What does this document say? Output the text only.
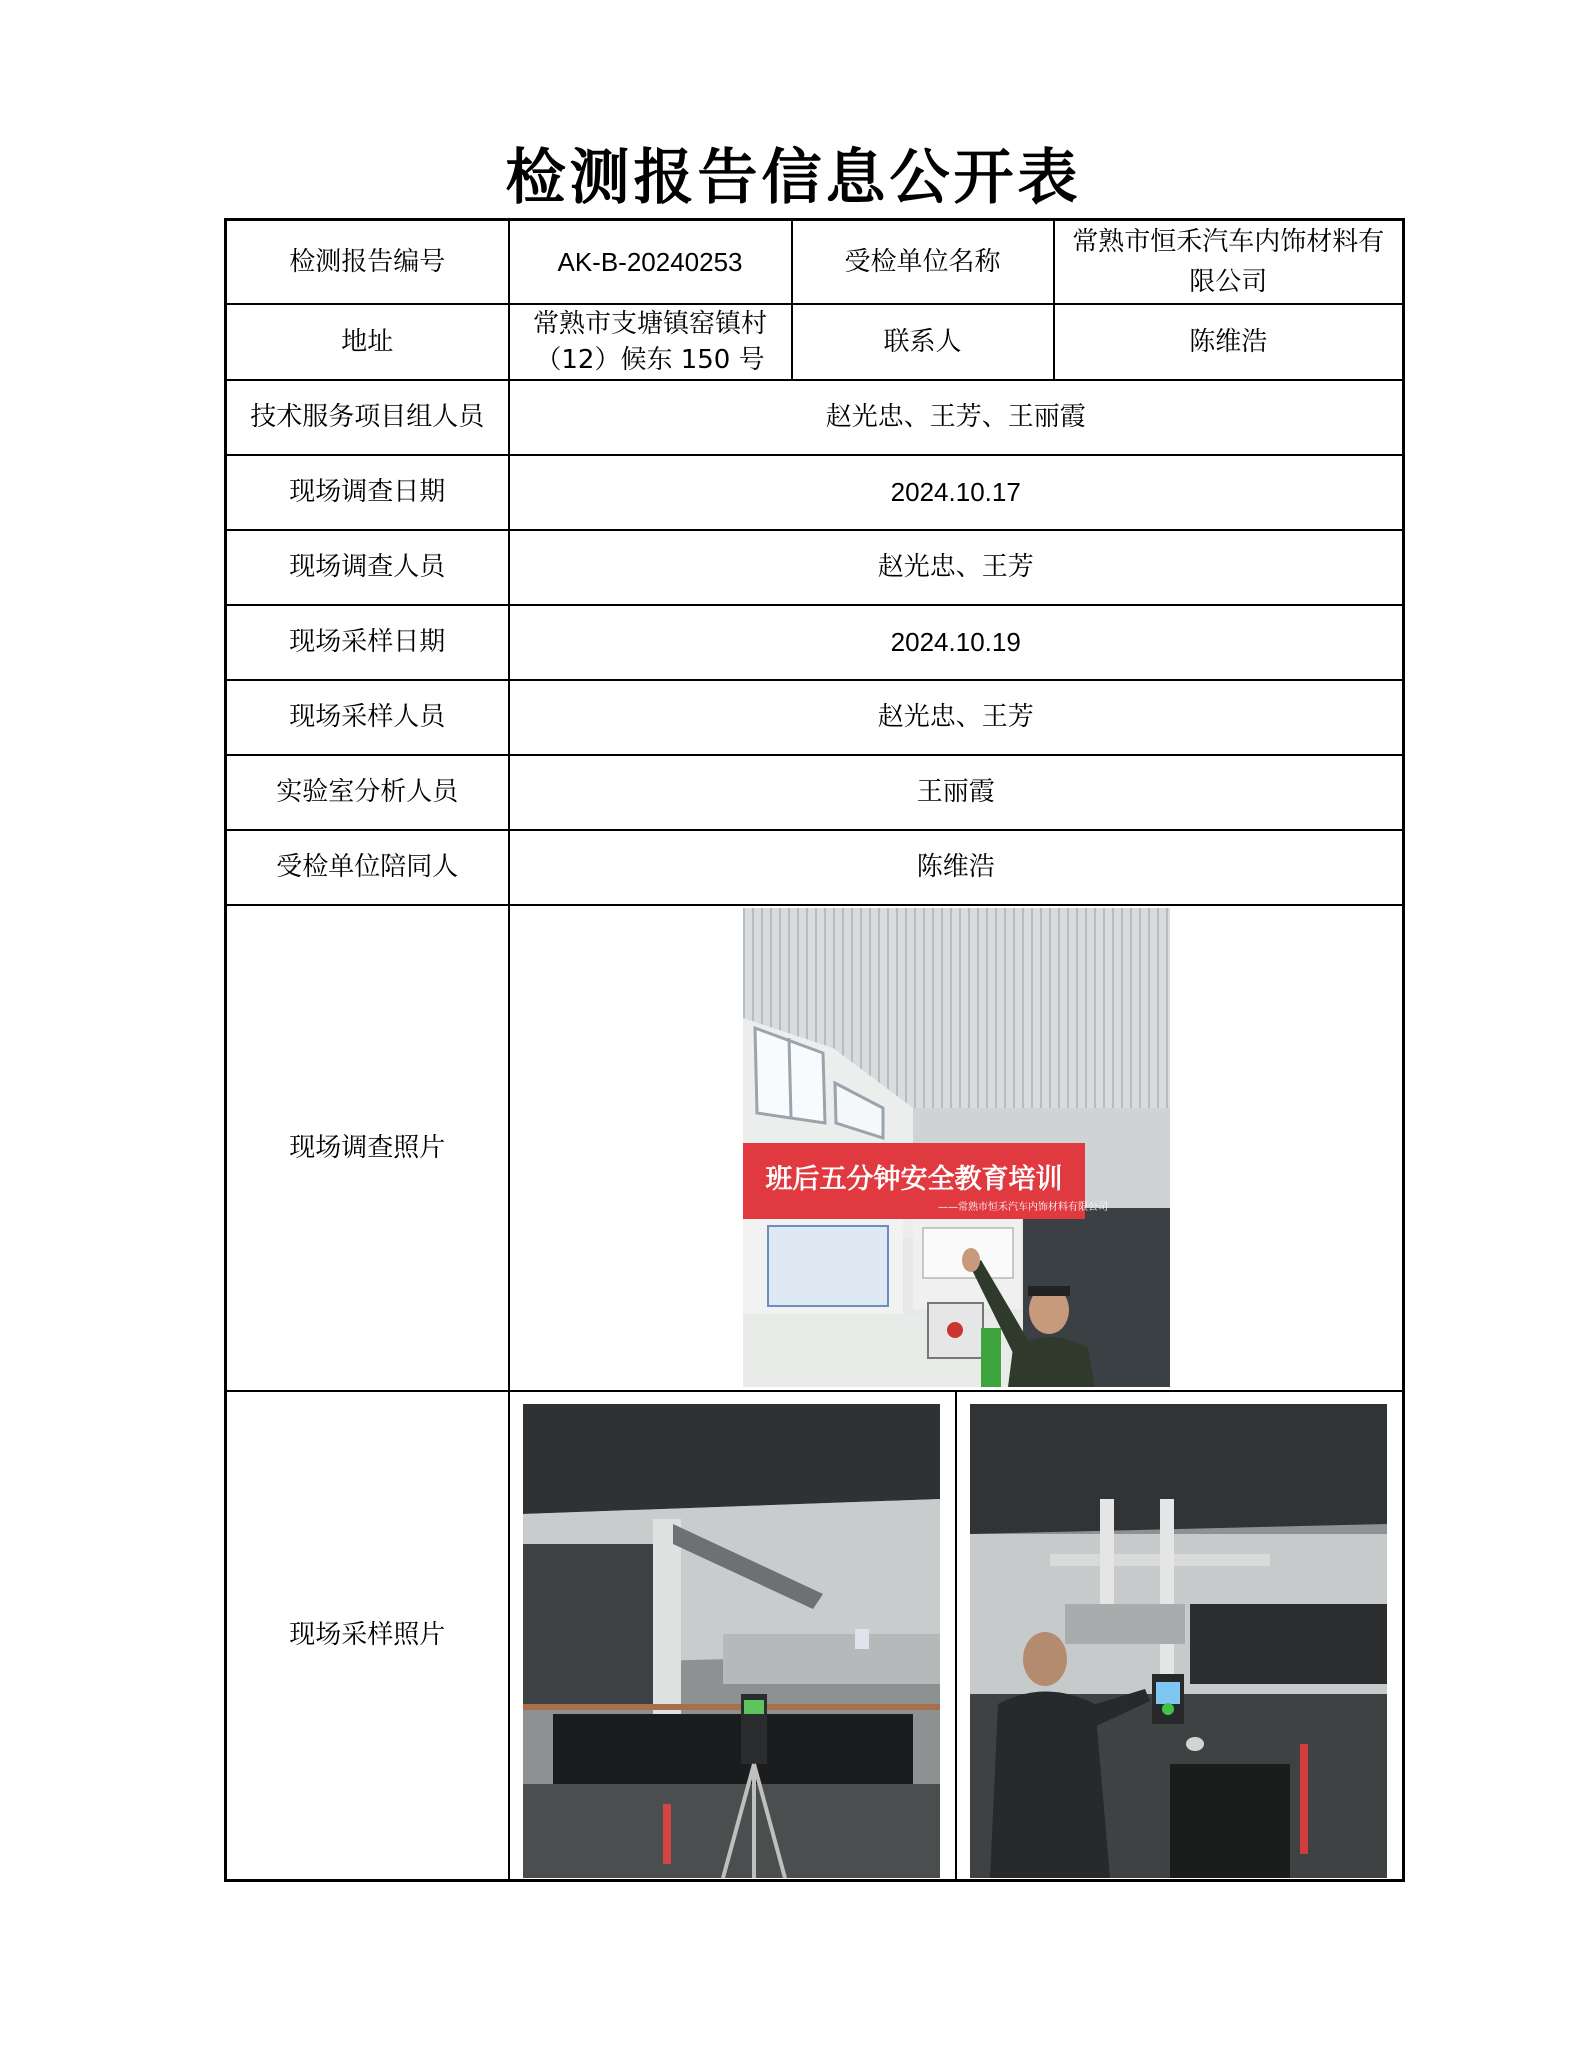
检测报告信息公开表
检测报告编号	AK-B-20240253	受检单位名称	常熟市恒禾汽车内饰材料有限公司
地址	常熟市支塘镇窑镇村（12）候东 150 号	联系人	陈维浩
技术服务项目组人员	赵光忠、王芳、王丽霞		
现场调查日期	2024.10.17		
现场调查人员	赵光忠、王芳		
现场采样日期	2024.10.19		
现场采样人员	赵光忠、王芳		
实验室分析人员	王丽霞		
受检单位陪同人	陈维浩		
现场调查照片	班后五分钟安全教育培训
——常熟市恒禾汽车内饰材料有限公司		

现场采样照片	
